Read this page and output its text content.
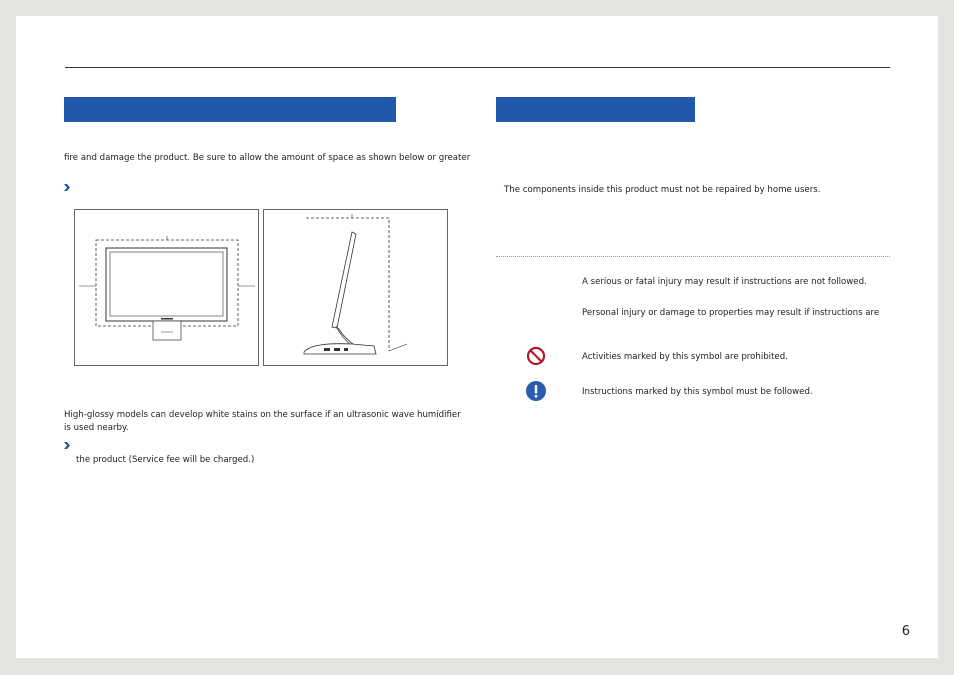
fire and damage the product. Be sure to allow the amount of space as shown below or greater
High-glossy models can develop white stains on the surface if an ultrasonic wave humidifier is used nearby.
the product (Service fee will be charged.)
The components inside this product must not be repaired by home users.
A serious or fatal injury may result if instructions are not followed.
Personal injury or damage to properties may result if instructions are
Activities marked by this symbol are prohibited.
Instructions marked by this symbol must be followed.
6
